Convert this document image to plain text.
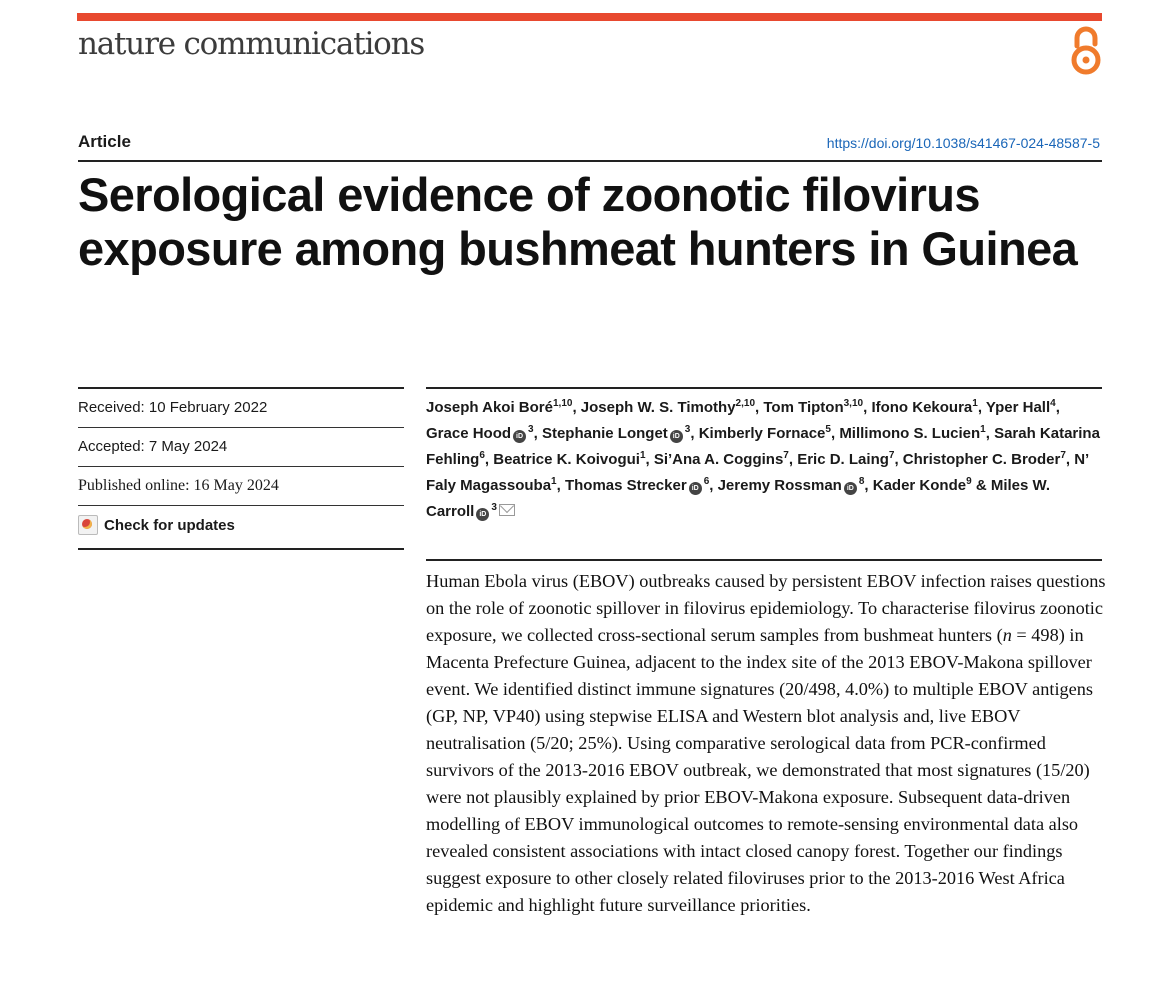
nature communications
Article	https://doi.org/10.1038/s41467-024-48587-5
Serological evidence of zoonotic filovirus exposure among bushmeat hunters in Guinea
Received: 10 February 2022
Accepted: 7 May 2024
Published online: 16 May 2024
Check for updates
Joseph Akoi Boré$^{1,10}$, Joseph W. S. Timothy$^{2,10}$, Tom Tipton$^{3,10}$, Ifono Kekoura$^1$, Yper Hall$^4$, Grace Hood $iD^3$, Stephanie Longet $iD^3$, Kimberly Fornace$^5$, Millimono S. Lucien$^1$, Sarah Katarina Fehling$^6$, Beatrice K. Koivogui$^1$, Si’Ana A. Coggins$^7$, Eric D. Laing$^7$, Christopher C. Broder$^7$, N’ Faly Magassouba$^1$, Thomas Strecker $iD^6$, Jeremy Rossman $iD^8$, Kader Konde$^9$ & Miles W. Carroll $iD^3$

Human Ebola virus (EBOV) outbreaks caused by persistent EBOV infection raises questions on the role of zoonotic spillover in filovirus epidemiology. To characterise filovirus zoonotic exposure, we collected cross-sectional serum samples from bushmeat hunters (n = 498) in Macenta Prefecture Guinea, adjacent to the index site of the 2013 EBOV-Makona spillover event. We identified distinct immune signatures (20/498, 4.0%) to multiple EBOV antigens (GP, NP, VP40) using stepwise ELISA and Western blot analysis and, live EBOV neutralisation (5/20; 25%). Using comparative serological data from PCR-confirmed survivors of the 2013-2016 EBOV outbreak, we demonstrated that most signatures (15/20) were not plausibly explained by prior EBOV-Makona exposure. Subsequent data-driven modelling of EBOV immunological outcomes to remote-sensing environmental data also revealed consistent associations with intact closed canopy forest. Together our findings suggest exposure to other closely related filoviruses prior to the 2013-2016 West Africa epidemic and highlight future surveillance priorities.
